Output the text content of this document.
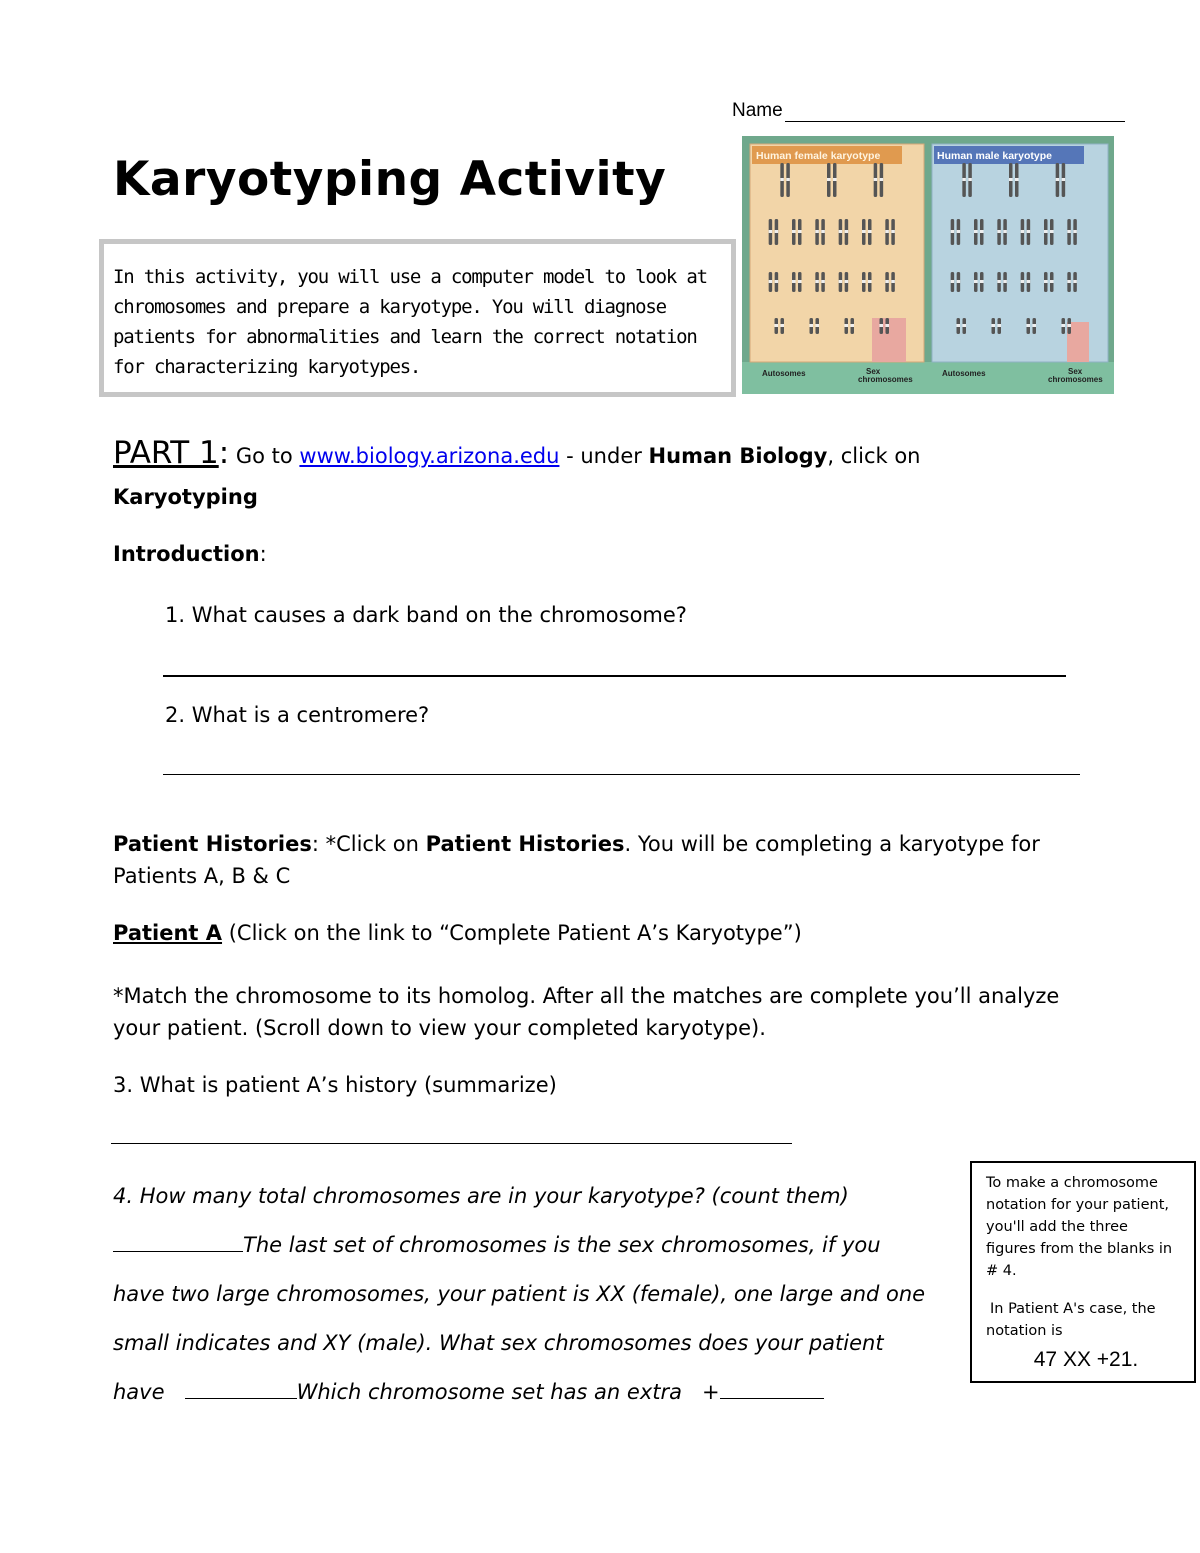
Name
Karyotyping Activity
In this activity, you will use a computer model to look at
chromosomes and prepare a karyotype. You will diagnose
patients for abnormalities and learn the correct notation
for characterizing karyotypes.
Human female karyotype	Human male karyotype
Autosomes	Sex
chromosomes
Autosomes	Sex
chromosomes
PART 1: Go to www.biology.arizona.edu - under Human Biology, click on
Karyotyping
Introduction:
1. What causes a dark band on the chromosome?
2. What is a centromere?
Patient Histories: *Click on Patient Histories. You will be completing a karyotype for
Patients A, B & C
Patient A (Click on the link to “Complete Patient A’s Karyotype”)
*Match the chromosome to its homolog. After all the matches are complete you’ll analyze
your patient. (Scroll down to view your completed karyotype).
3. What is patient A’s history (summarize)
4. How many total chromosomes are in your karyotype? (count them)
The last set of chromosomes is the sex chromosomes, if you
have two large chromosomes, your patient is XX (female), one large and one
small indicates and XY (male). What sex chromosomes does your patient
have	Which chromosome set has an extra +
To make a chromosome
notation for your patient,
you'll add the three
figures from the blanks in
# 4.
In Patient A's case, the
notation is
47 XX +21.
